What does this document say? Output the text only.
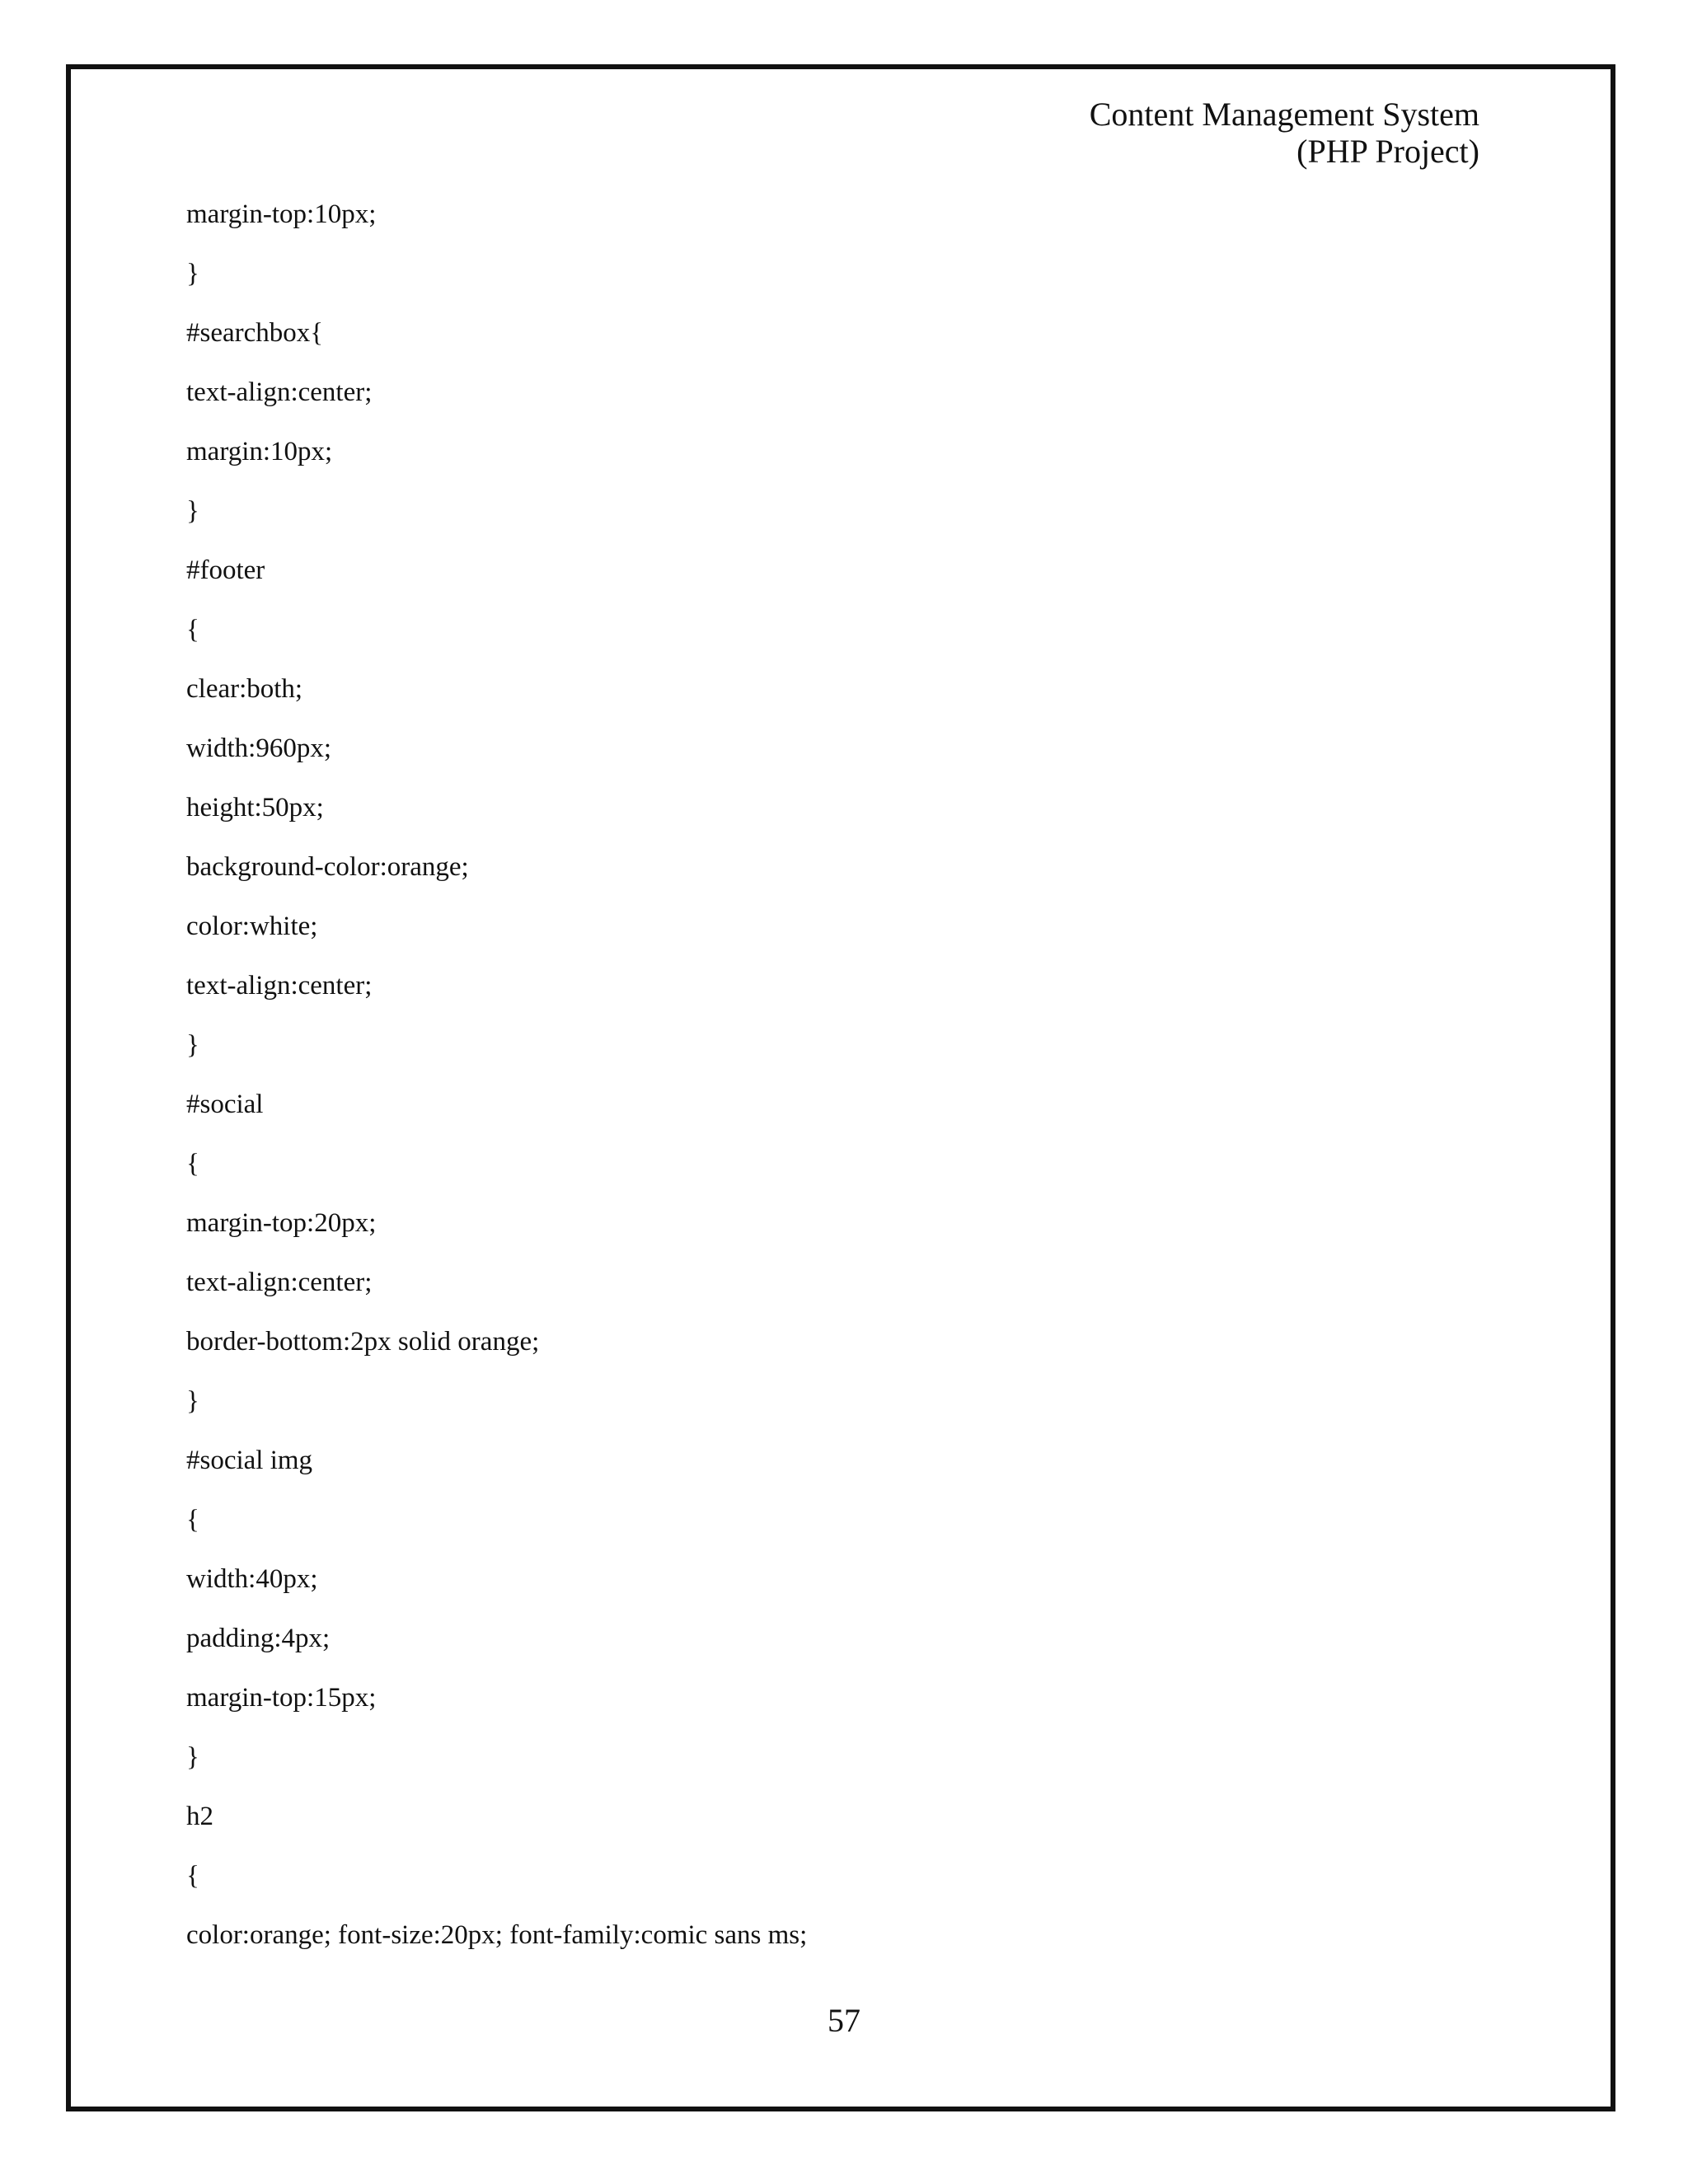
Content Management System
(PHP Project)
margin-top:10px;
}
#searchbox{
text-align:center;
margin:10px;
}
#footer
{
clear:both;
width:960px;
height:50px;
background-color:orange;
color:white;
text-align:center;
}
#social
{
margin-top:20px;
text-align:center;
border-bottom:2px solid orange;
}
#social img
{
width:40px;
padding:4px;
margin-top:15px;
}
h2
{
color:orange; font-size:20px; font-family:comic sans ms;
57
